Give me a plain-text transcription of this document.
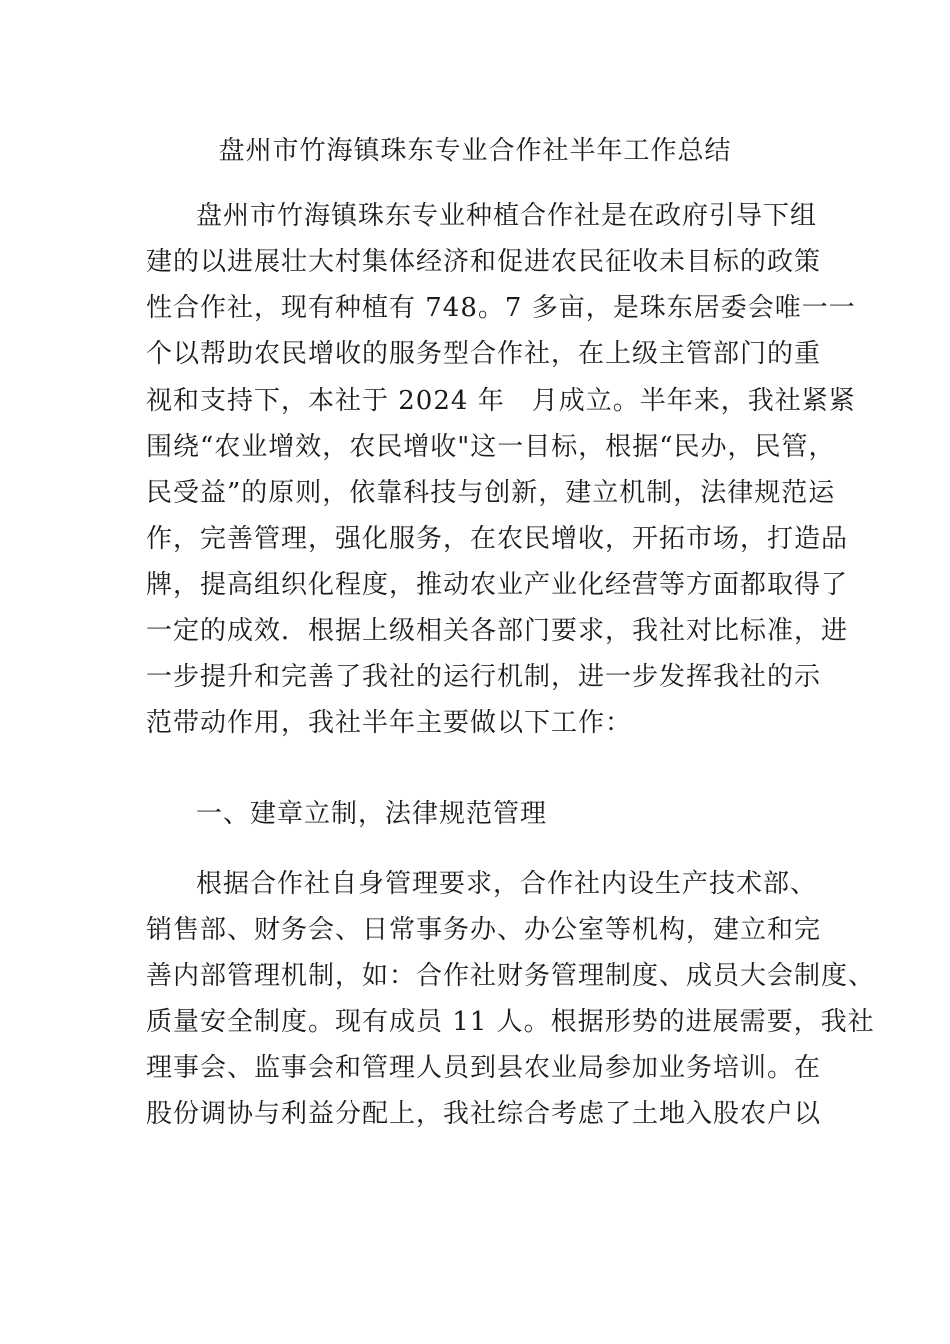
盘州市竹海镇珠东专业合作社半年工作总结
盘州市竹海镇珠东专业种植合作社是在政府引导下组
建的以进展壮大村集体经济和促进农民征收未目标的政策
性合作社，现有种植有 748。7 多亩，是珠东居委会唯一一
个以帮助农民增收的服务型合作社，在上级主管部门的重
视和支持下，本社于 2024 年　月成立。半年来，我社紧紧
围绕“农业增效，农民增收"这一目标，根据“民办，民管，
民受益”的原则，依靠科技与创新，建立机制，法律规范运
作，完善管理，强化服务，在农民增收，开拓市场，打造品
牌，提高组织化程度，推动农业产业化经营等方面都取得了
一定的成效．根据上级相关各部门要求，我社对比标准，进
一步提升和完善了我社的运行机制，进一步发挥我社的示
范带动作用，我社半年主要做以下工作：
一、建章立制，法律规范管理
根据合作社自身管理要求，合作社内设生产技术部、
销售部、财务会、日常事务办、办公室等机构，建立和完
善内部管理机制，如：合作社财务管理制度、成员大会制度、
质量安全制度。现有成员 11 人。根据形势的进展需要，我社
理事会、监事会和管理人员到县农业局参加业务培训。在
股份调协与利益分配上，我社综合考虑了土地入股农户以
